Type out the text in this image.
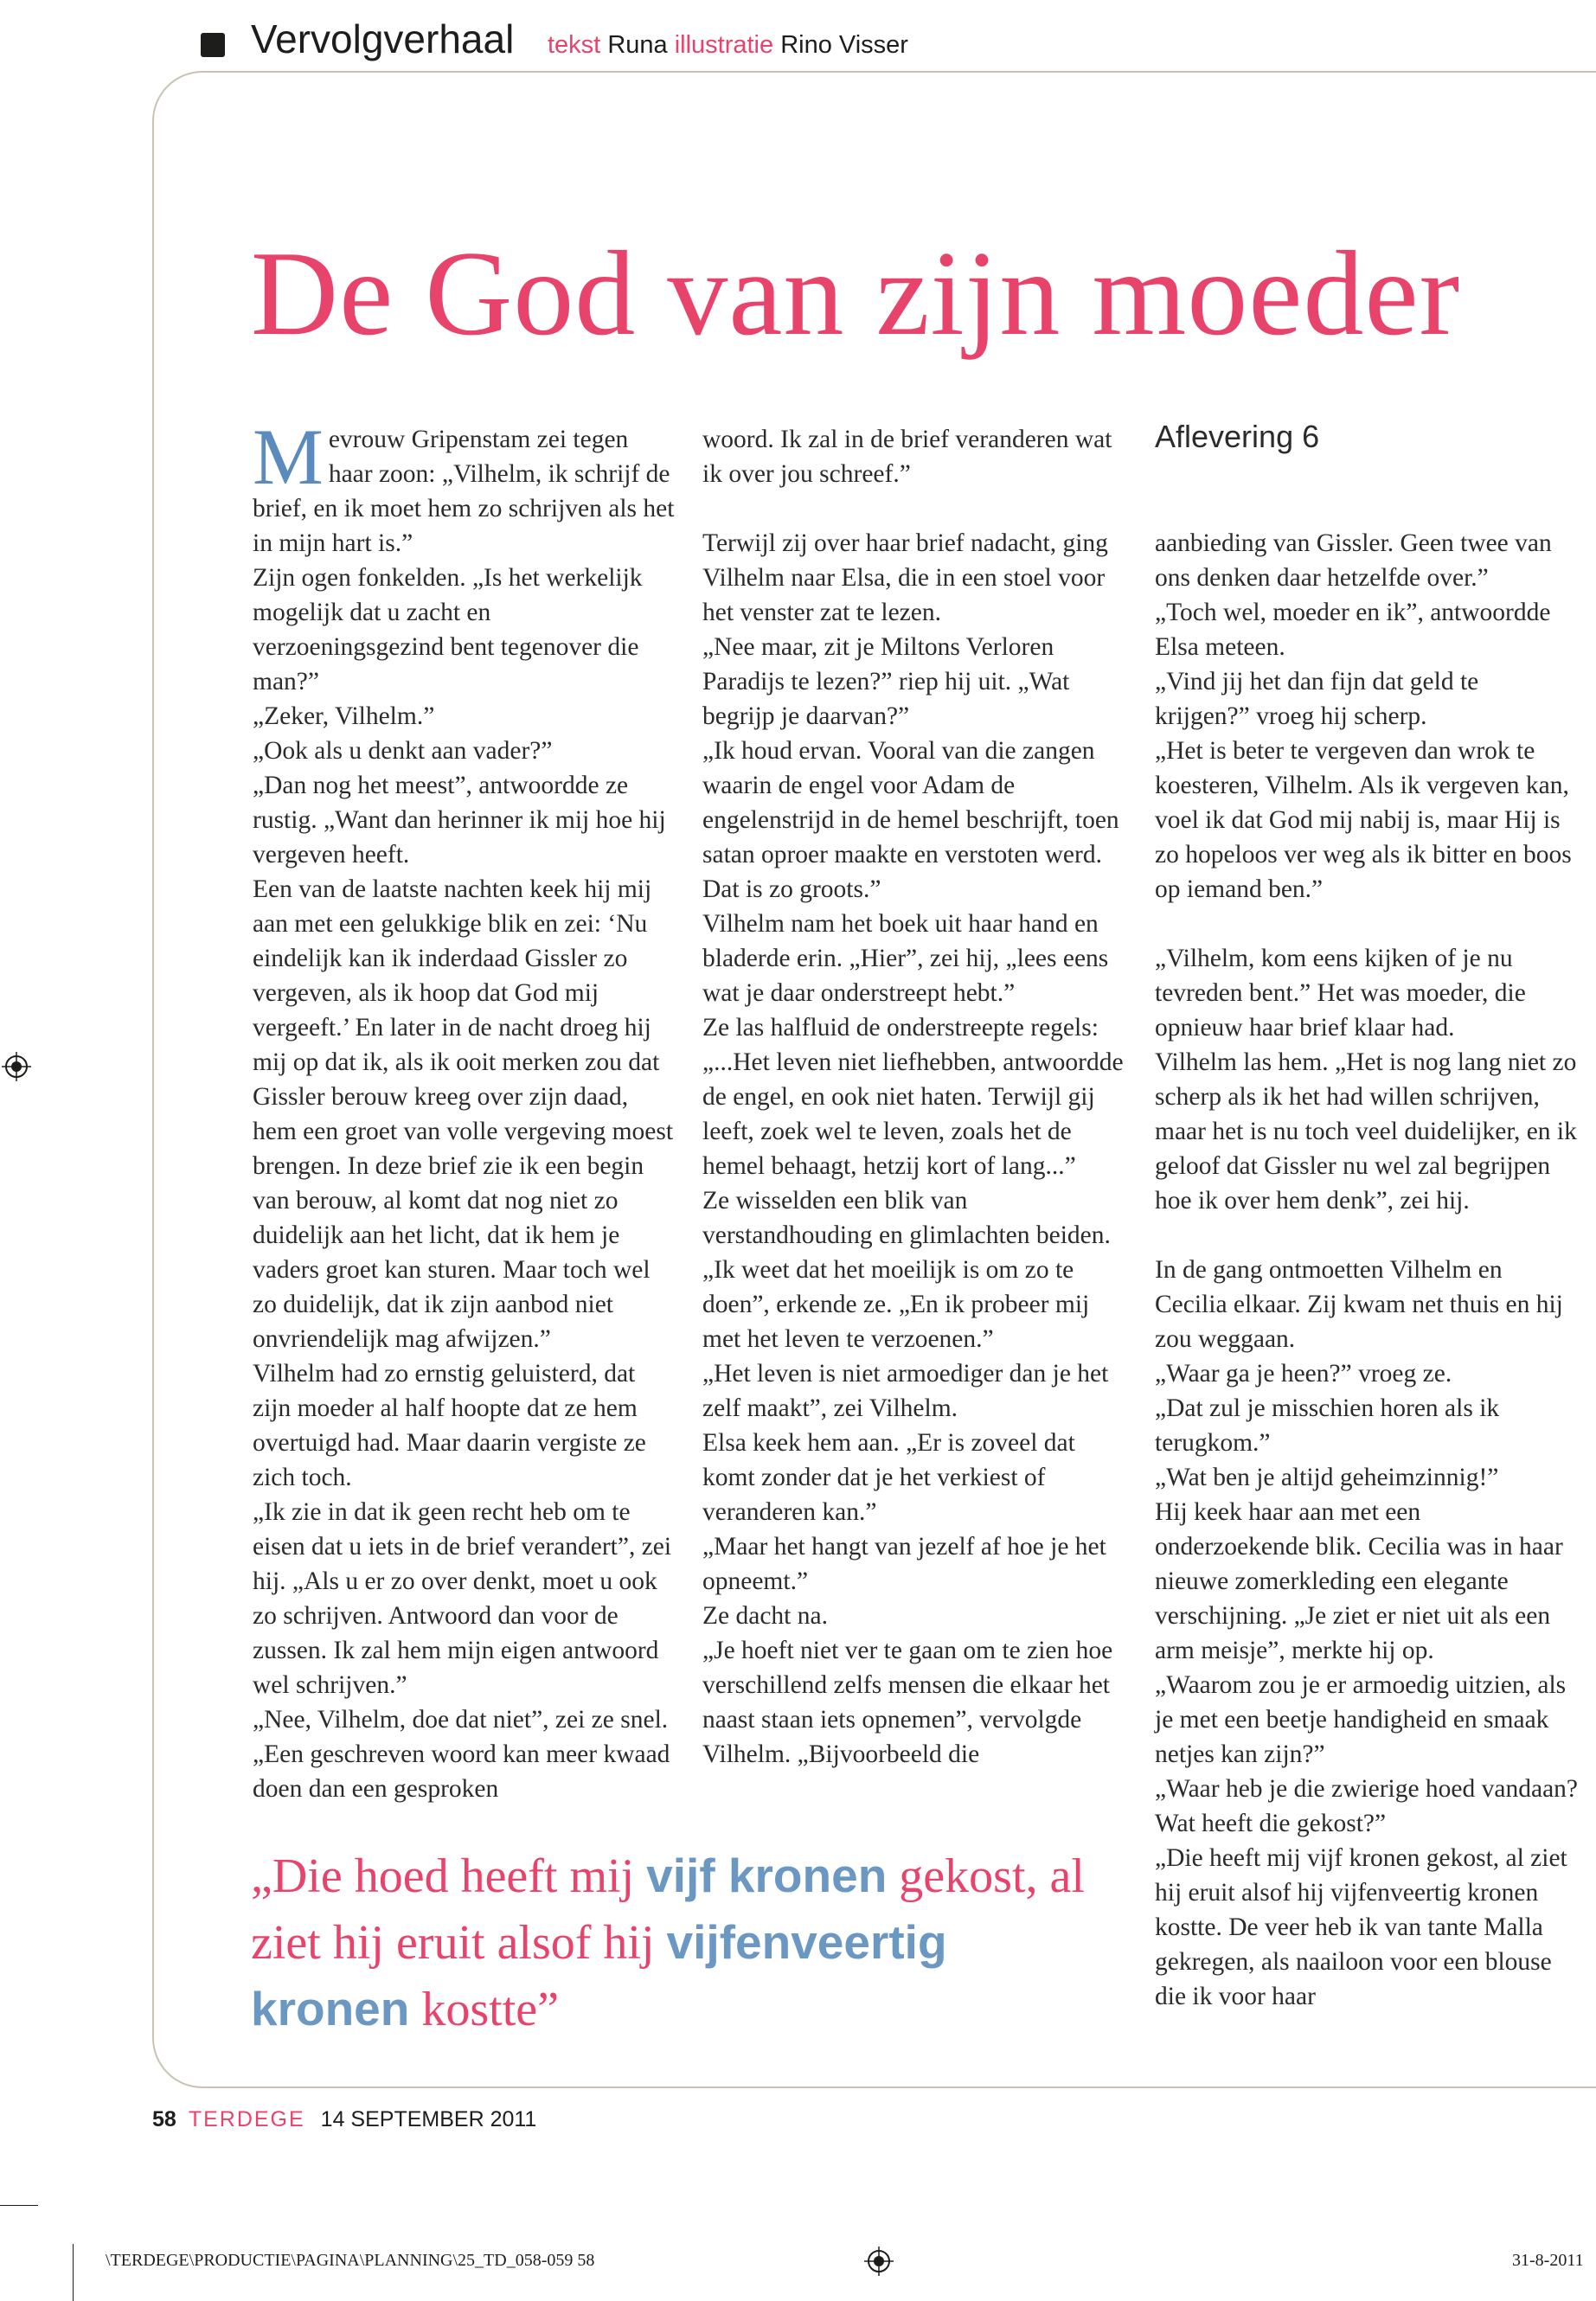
Vervolgverhaal tekst Runa illustratie Rino Visser
De God van zijn moeder
Aflevering 6

Mevrouw Gripenstam zei tegen haar zoon: „Vilhelm, ik schrijf de brief, en ik moet hem zo schrijven als het in mijn hart is.”

Zijn ogen fonkelden. „Is het werkelijk mogelijk dat u zacht en verzoeningsgezind bent tegenover die man?”

„Zeker, Vilhelm.”

„Ook als u denkt aan vader?”

„Dan nog het meest”, antwoordde ze rustig. „Want dan herinner ik mij hoe hij vergeven heeft.

Een van de laatste nachten keek hij mij aan met een gelukkige blik en zei: ‘Nu eindelijk kan ik inderdaad Gissler zo vergeven, als ik hoop dat God mij vergeeft.’ En later in de nacht droeg hij mij op dat ik, als ik ooit merken zou dat Gissler berouw kreeg over zijn daad, hem een groet van volle vergeving moest brengen. In deze brief zie ik een begin van berouw, al komt dat nog niet zo duidelijk aan het licht, dat ik hem je vaders groet kan sturen. Maar toch wel zo duidelijk, dat ik zijn aanbod niet onvriendelijk mag afwijzen.”

Vilhelm had zo ernstig geluisterd, dat zijn moeder al half hoopte dat ze hem overtuigd had. Maar daarin vergiste ze zich toch.

„Ik zie in dat ik geen recht heb om te eisen dat u iets in de brief verandert”, zei hij. „Als u er zo over denkt, moet u ook zo schrijven. Antwoord dan voor de zussen. Ik zal hem mijn eigen antwoord wel schrijven.”

„Nee, Vilhelm, doe dat niet”, zei ze snel. „Een geschreven woord kan meer kwaad doen dan een gesproken

woord. Ik zal in de brief veranderen wat ik over jou schreef.”

Terwijl zij over haar brief nadacht, ging Vilhelm naar Elsa, die in een stoel voor het venster zat te lezen.

„Nee maar, zit je Miltons Verloren Paradijs te lezen?” riep hij uit. „Wat begrijp je daarvan?”

„Ik houd ervan. Vooral van die zangen waarin de engel voor Adam de engelenstrijd in de hemel beschrijft, toen satan oproer maakte en verstoten werd. Dat is zo groots.”

Vilhelm nam het boek uit haar hand en bladerde erin. „Hier”, zei hij, „lees eens wat je daar onderstreept hebt.”

Ze las halfluid de onderstreepte regels: „...Het leven niet liefhebben, antwoordde de engel, en ook niet haten. Terwijl gij leeft, zoek wel te leven, zoals het de hemel behaagt, hetzij kort of lang...”

Ze wisselden een blik van verstandhouding en glimlachten beiden.

„Ik weet dat het moeilijk is om zo te doen”, erkende ze. „En ik probeer mij met het leven te verzoenen.”

„Het leven is niet armoediger dan je het zelf maakt”, zei Vilhelm.

Elsa keek hem aan. „Er is zoveel dat komt zonder dat je het verkiest of veranderen kan.”

„Maar het hangt van jezelf af hoe je het opneemt.”

Ze dacht na.

„Je hoeft niet ver te gaan om te zien hoe verschillend zelfs mensen die elkaar het naast staan iets opnemen”, vervolgde Vilhelm. „Bijvoorbeeld die

aanbieding van Gissler. Geen twee van ons denken daar hetzelfde over.”

„Toch wel, moeder en ik”, antwoordde Elsa meteen.

„Vind jij het dan fijn dat geld te krijgen?” vroeg hij scherp.

„Het is beter te vergeven dan wrok te koesteren, Vilhelm. Als ik vergeven kan, voel ik dat God mij nabij is, maar Hij is zo hopeloos ver weg als ik bitter en boos op iemand ben.”

„Vilhelm, kom eens kijken of je nu tevreden bent.” Het was moeder, die opnieuw haar brief klaar had.

Vilhelm las hem. „Het is nog lang niet zo scherp als ik het had willen schrijven, maar het is nu toch veel duidelijker, en ik geloof dat Gissler nu wel zal begrijpen hoe ik over hem denk”, zei hij.

In de gang ontmoetten Vilhelm en Cecilia elkaar. Zij kwam net thuis en hij zou weggaan.

„Waar ga je heen?” vroeg ze.

„Dat zul je misschien horen als ik terugkom.”

„Wat ben je altijd geheimzinnig!”

Hij keek haar aan met een onderzoekende blik. Cecilia was in haar nieuwe zomerkleding een elegante verschijning. „Je ziet er niet uit als een arm meisje”, merkte hij op.

„Waarom zou je er armoedig uitzien, als je met een beetje handigheid en smaak netjes kan zijn?”

„Waar heb je die zwierige hoed vandaan? Wat heeft die gekost?”

„Die heeft mij vijf kronen gekost, al ziet hij eruit alsof hij vijfenveertig kronen kostte. De veer heb ik van tante Malla gekregen, als naailoon voor een blouse die ik voor haar

„Die hoed heeft mij vijf kronen gekost, al ziet hij eruit alsof hij vijfenveertig kronen kostte”
58 TERDEGE 14 SEPTEMBER 2011
\TERDEGE\PRODUCTIE\PAGINA\PLANNING\25_TD_058-059 58	31-8-2011
